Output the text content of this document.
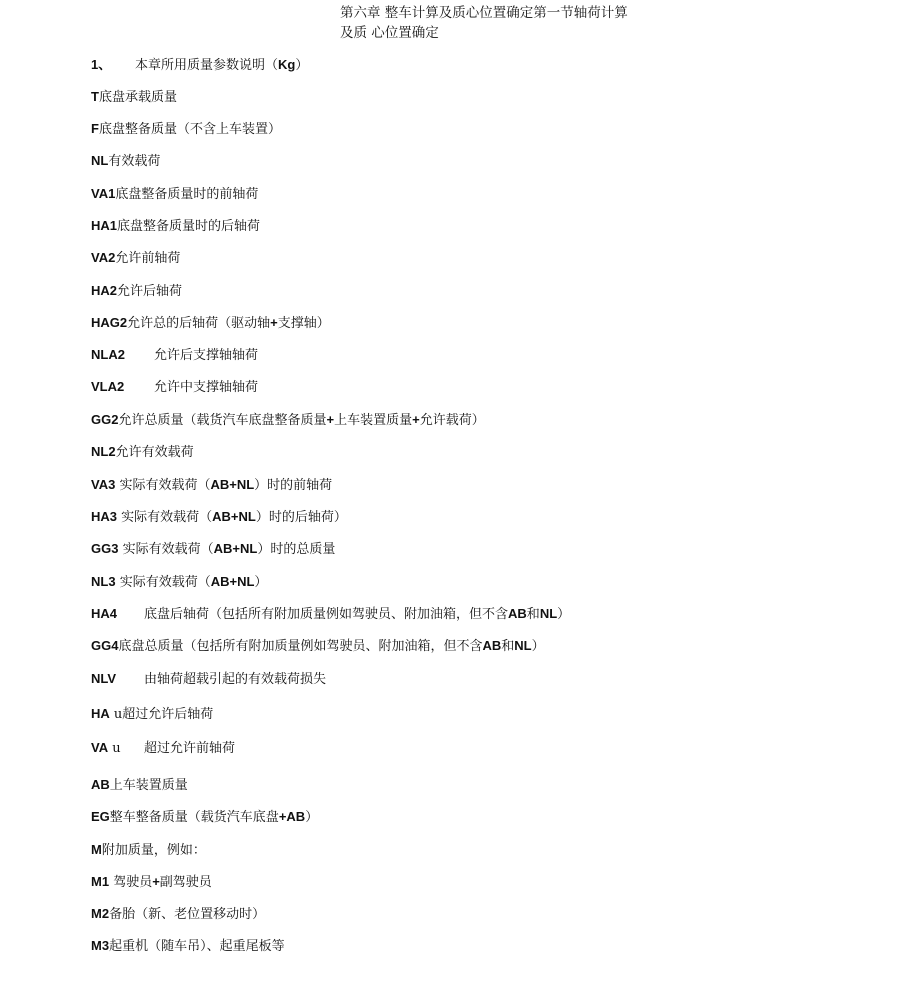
第六章 整车计算及质心位置确定第一节轴荷计算
及质 心位置确定
1、 本章所用质量参数说明（Kg）
T底盘承载质量
F底盘整备质量（不含上车装置）
NL有效载荷
VA1底盘整备质量时的前轴荷
HA1底盘整备质量时的后轴荷
VA2允许前轴荷
HA2允许后轴荷
HAG2允许总的后轴荷（驱动轴+支撑轴）
NLA2 允许后支撑轴轴荷
VLA2 允许中支撑轴轴荷
GG2允许总质量（载货汽车底盘整备质量+上车装置质量+允许载荷）
NL2允许有效载荷
VA3 实际有效载荷（AB+NL）时的前轴荷
HA3 实际有效载荷（AB+NL）时的后轴荷）
GG3 实际有效载荷（AB+NL）时的总质量
NL3 实际有效载荷（AB+NL）
HA4 底盘后轴荷（包括所有附加质量例如驾驶员、附加油箱，但不含AB和NL）
GG4底盘总质量（包括所有附加质量例如驾驶员、附加油箱，但不含AB和NL）
NLV 由轴荷超载引起的有效载荷损失
HA u超过允许后轴荷
VA u 超过允许前轴荷
AB上车装置质量
EG整车整备质量（载货汽车底盘+AB）
M附加质量，例如：
M1 驾驶员+副驾驶员
M2备胎（新、老位置移动时）
M3起重机（随车吊）、起重尾板等
